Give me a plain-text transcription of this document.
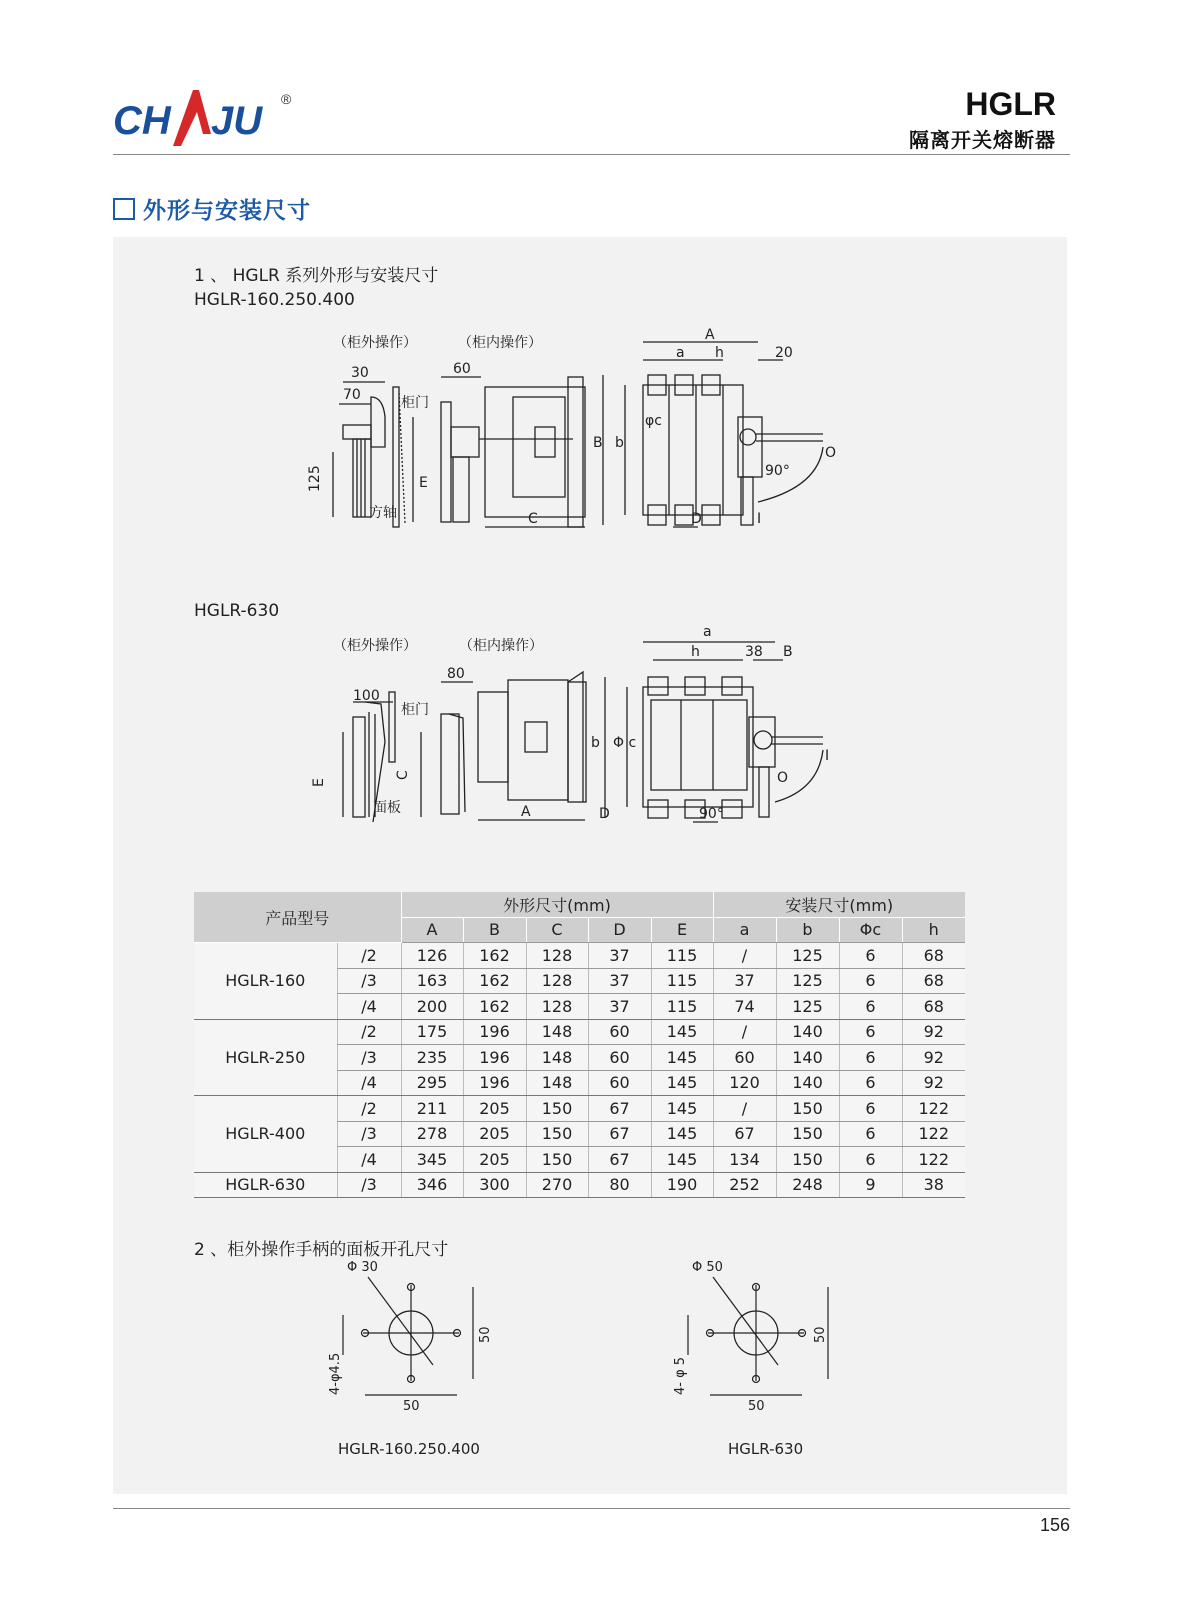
CH JU ®	HGLR
隔离开关熔断器
外形与安装尺寸
1 、 HGLR 系列外形与安装尺寸
HGLR-160.250.400
（柜外操作）	（柜内操作）
30
70
60
125	E
C
A
a h	20
B b
φc
D
90°
O
I
柜门
方轴
HGLR-630
（柜外操作）	（柜内操作）
100
80
E
C
A
a
h	38 B
b Φ c
D	90°
O
I
柜门
面板
产品型号		外形尺寸(mm)					安装尺寸(mm)			
		A	B	C	D	E	a	b	Φc	h
HGLR-160	/2	126	162	128	37	115	/	125	6	68
	/3	163	162	128	37	115	37	125	6	68
	/4	200	162	128	37	115	74	125	6	68
HGLR-250	/2	175	196	148	60	145	/	140	6	92
	/3	235	196	148	60	145	60	140	6	92
	/4	295	196	148	60	145	120	140	6	92
HGLR-400	/2	211	205	150	67	145	/	150	6	122
	/3	278	205	150	67	145	67	150	6	122
	/4	345	205	150	67	145	134	150	6	122
HGLR-630	/3	346	300	270	80	190	252	248	9	38
2 、柜外操作手柄的面板开孔尺寸
Φ 30
4-φ4.5
50
50
HGLR-160.250.400
Φ 50
4- φ 5
50
50
HGLR-630
156
